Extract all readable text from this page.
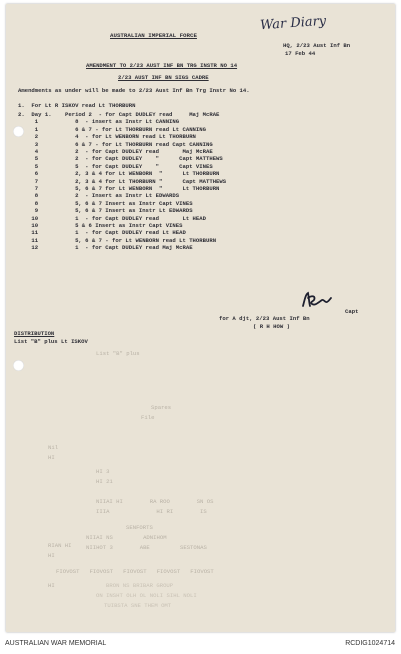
War Diary
AUSTRALIAN IMPERIAL FORCE
HQ, 2/23 Aust Inf Bn
17 Feb 44
AMENDMENT TO 2/23 AUST INF BN TRG INSTR NO 14
2/23 AUST INF BN SIGS CADRE
Amendments as under will be made to 2/23 Aust Inf Bn Trg Instr No 14.
1.  For Lt R ISKOV read Lt THORBURN
2.  Day 1.    Period 2  - for Capt DUDLEY read     Maj McRAE
1           8  - insert as Instr Lt CANNING
1           6 & 7 - for Lt THORBURN read Lt CANNING
2           4  - for Lt WENBORN read Lt THORBURN
3           6 & 7 - for Lt THORBURN read Capt CANNING
4           2  - for Capt DUDLEY read       Maj McRAE
5           2  - for Capt DUDLEY    "      Capt MATTHEWS
5           5  - for Capt DUDLEY    "      Capt VINES
6           2, 3 & 4 for Lt WENBORN  "      Lt THORBURN
7           2, 3 & 4 for Lt THORBURN "      Capt MATTHEWS
7           5, 6 & 7 for Lt WENBORN  "      Lt THORBURN
8           2  - Insert as Instr Lt EDWARDS
8           5, 6 & 7 Insert as Instr Capt VINES
9           5, 6 & 7 Insert as Instr Lt EDWARDS
10           1  - for Capt DUDLEY read       Lt HEAD
10           5 & 6 Insert as Instr Capt VINES
11           1  - for Capt DUDLEY read Lt HEAD
11           5, 6 & 7 - for Lt WENBORN read Lt THORBURN
12           1  - for Capt DUDLEY read Maj McRAE
Capt
for A djt, 2/23 Aust Inf Bn
( R H HOW )
DISTRIBUTION
List "B" plus Lt ISKOV
List "B" plus
Spares
File
Nil
HI
HI 3
HI 21
NIIAI HI        RA ROO        SN OS
IIIA              HI RI        IS
RIAN HI
HI
HI
SENFORTS
NIIAI NS         ADNIHOM
NIIHOT 3        ABE         SESTONAS
FIOVOST   FIOVOST   FIOVOST   FIOVOST   FIOVOST
BRON NS BRIBAR GROUP
ON INSHT OLH OL NOLI SIHL NOLI
TUIBSTA SNE THEM OMT
AUSTRALIAN WAR MEMORIAL	RCDIG1024714
